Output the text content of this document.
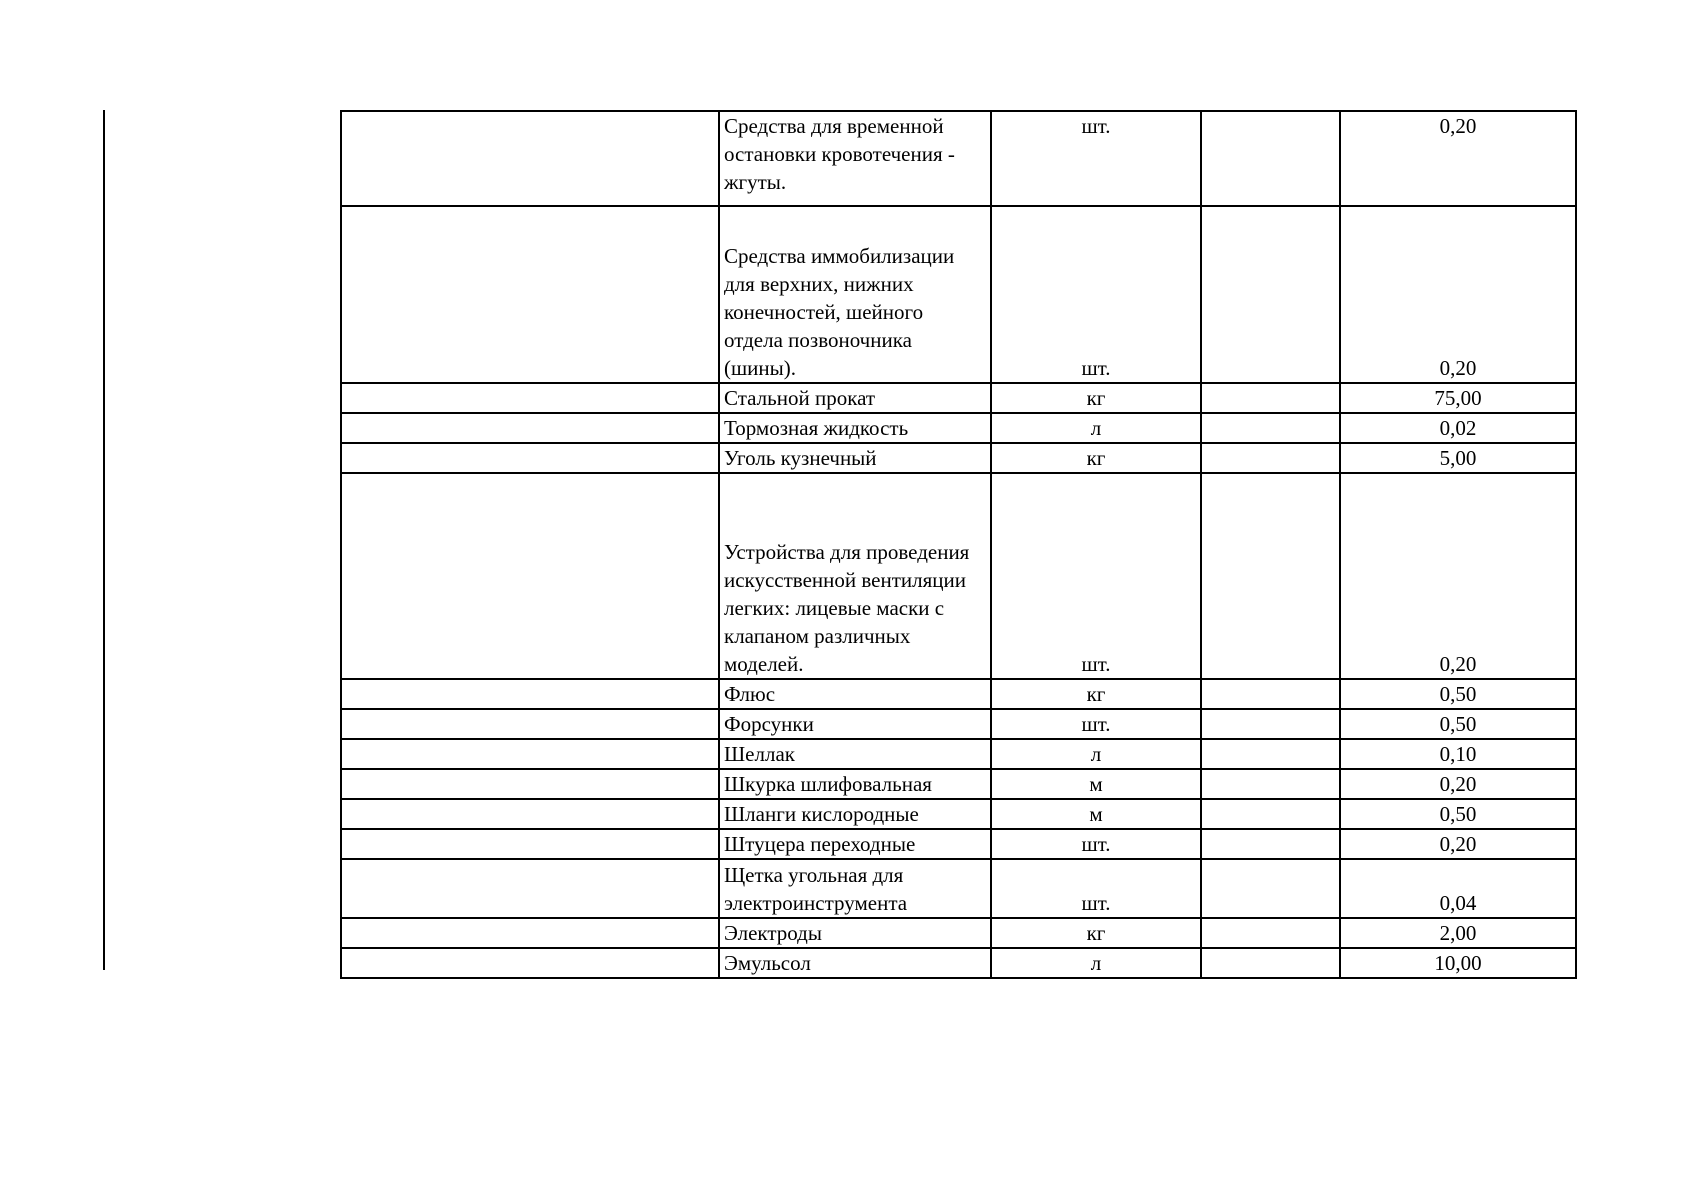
	Средства для временной остановки кровотечения - жгуты.	шт.		0,20
	Средства иммобилизации для верхних, нижних конечностей, шейного отдела позвоночника (шины).	шт.		0,20
	Стальной прокат	кг		75,00
	Тормозная жидкость	л		0,02
	Уголь кузнечный	кг		5,00
	Устройства для проведения искусственной вентиляции легких: лицевые маски с клапаном различных моделей.	шт.		0,20
	Флюс	кг		0,50
	Форсунки	шт.		0,50
	Шеллак	л		0,10
	Шкурка шлифовальная	м		0,20
	Шланги кислородные	м		0,50
	Штуцера переходные	шт.		0,20
	Щетка угольная для электроинструмента	шт.		0,04
	Электроды	кг		2,00
	Эмульсол	л		10,00
